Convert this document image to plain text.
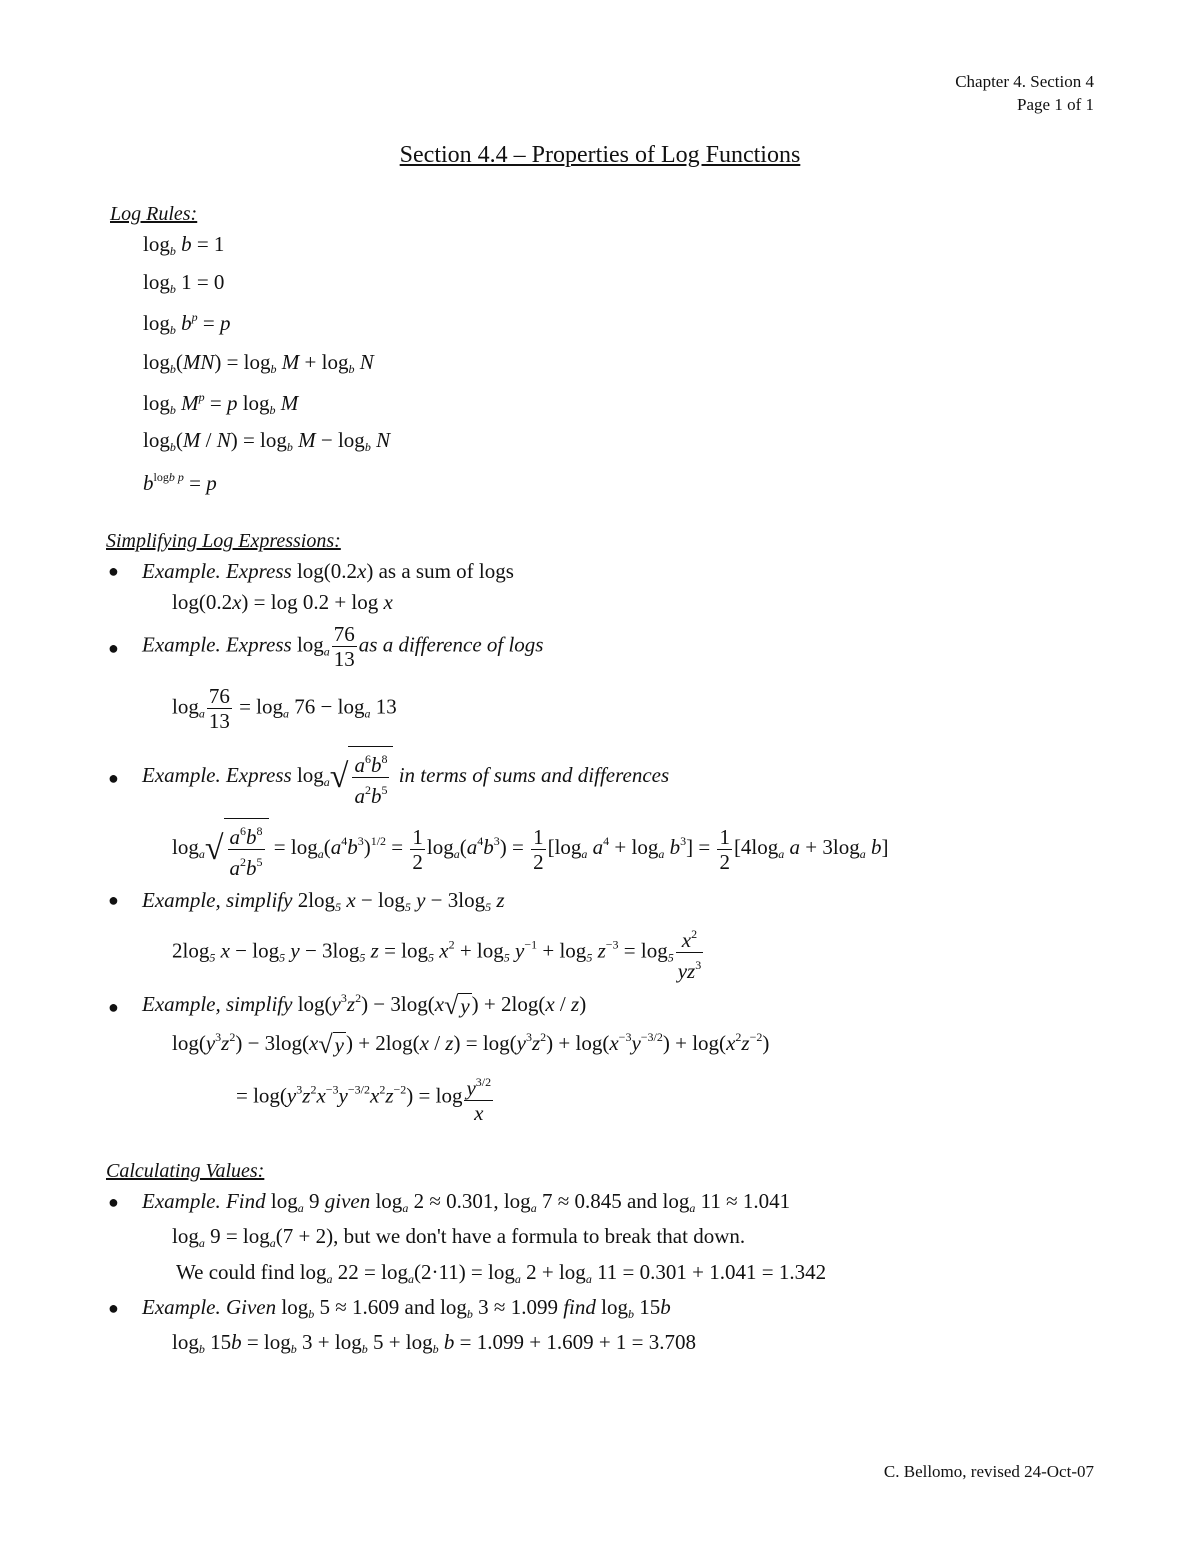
Chapter 4. Section 4
Page 1 of 1
Section 4.4 – Properties of Log Functions
Log Rules:
$\log_b b = 1$
$\log_b 1 = 0$
$\log_b b^p = p$
$\log_b(MN) = \log_b M + \log_b N$
$\log_b M^p = p$ $\log_b M$
$\log_b(M / N) = \log_b M - \log_b N$
$b^{logb p} = p$
Simplifying Log Expressions:
● Example. Express log(0.2x) as a sum of logs
log(0.2x) = log 0.2 + log x
● Example. Express $\log_a \frac{76}{13}$ as a difference of logs
$\log_a \frac{76}{13} = \log_a 76 - \log_a 13$
● Example. Express $\log_a√ \frac{a^6b^8}{a^2b^5}$ in terms of sums and differences
$\log_a√ \frac{a^6b^8}{a^2b^5} = \log_a(a^4b^3)^{1/2} = \frac{1}{2} \log_a(a^4b^3) = \frac{1}{2} [\log_a$ $a^4 + \log_a b^3] = \frac{1}{2} [4\log_a$ $a + 3\log_a$ b]
● Example, simplify $2\log_5$ $x - \log_5 y - 3\log_5$ z
$2\log_5$ $x - \log_5 y - 3\log_5$ $z = \log_5 x^2 + \log_5 y^{-1} + \log_5 z^{-3} = \log_5 \frac{x^2}{yz^3}$
● Example, simplify $\log(y^3z^2) - 3\log(x√y) + 2\log(x / z)$
$\log(y^3z^2) - 3\log(x√y) + 2\log(x / z) = \log(y^3z^2) + \log(x^{-3}y^{-3/2}) + \log(x^2z^{-2})$
= $\log(y^3z^2x^{-3}y^{-3/2}x^2z^{-2}) = \log \frac{y^{3/2}}{x}$
Calculating Values:
● Example. Find $\log_a 9$ given $\log_a 2 \approx 0.301$, $\log_a 7 \approx 0.845$ and $\log_a 11 \approx 1.041$
$\log_a 9 = \log_a(7 + 2)$, but we don't have a formula to break that down.
We could find $\log_a 22 = \log_a(2\cdot 11) = \log_a 2 + \log_a 11 = 0.301 + 1.041 = 1.342$
● Example. Given $\log_b 5 \approx 1.609$ and $\log_b 3 \approx 1.099$ find $\log_b 15b$
$\log_b 15b = \log_b 3 + \log_b 5 + \log_b b = 1.099 + 1.609 + 1 = 3.708$
C. Bellomo, revised 24-Oct-07
